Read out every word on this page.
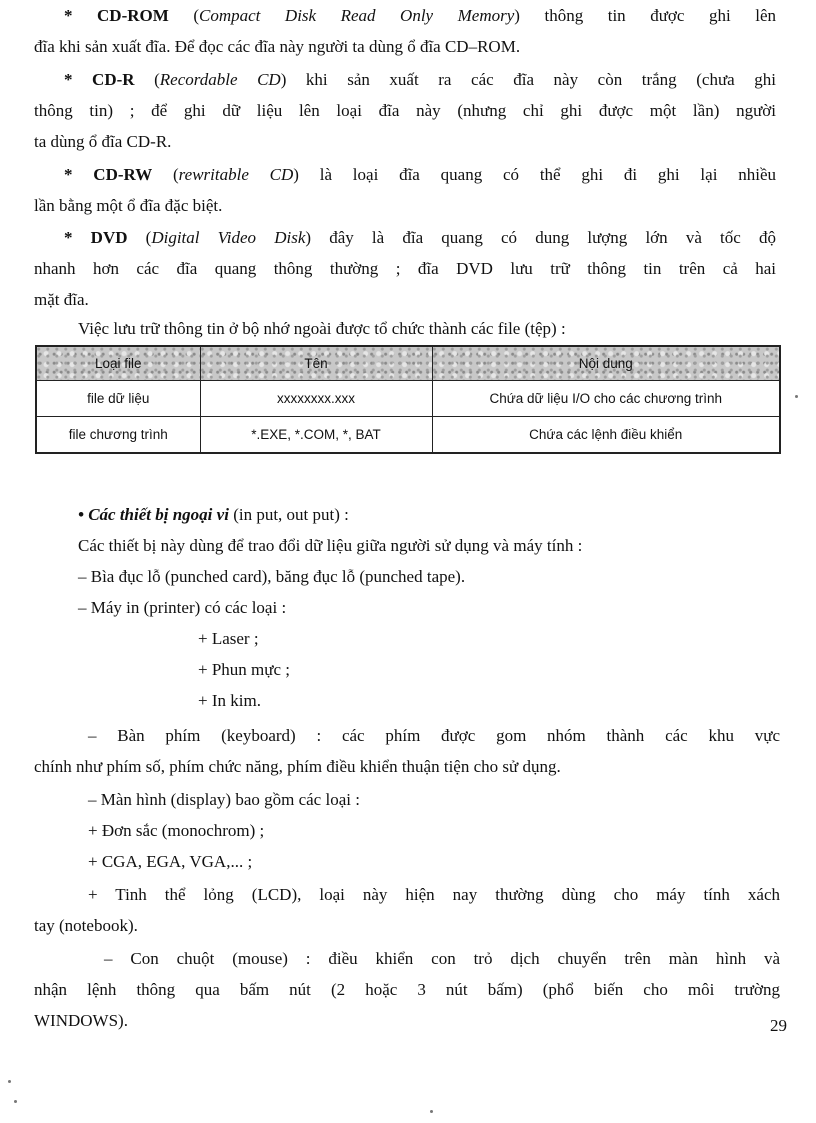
* CD-ROM (Compact Disk Read Only Memory) thông tin được ghi lên

đĩa khi sản xuất đĩa. Để đọc các đĩa này người ta dùng ổ đĩa CD–ROM.

* CD-R (Recordable CD) khi sản xuất ra các đĩa này còn trắng (chưa ghi

thông tin) ; để ghi dữ liệu lên loại đĩa này (nhưng chỉ ghi được một lần) người

ta dùng ổ đĩa CD-R.

* CD-RW (rewritable CD) là loại đĩa quang có thể ghi đi ghi lại nhiều

lần bằng một ổ đĩa đặc biệt.

* DVD (Digital Video Disk) đây là đĩa quang có dung lượng lớn và tốc độ

nhanh hơn các đĩa quang thông thường ; đĩa DVD lưu trữ thông tin trên cả hai

mặt đĩa.

Việc lưu trữ thông tin ở bộ nhớ ngoài được tổ chức thành các file (tệp) :

Loại file	Tên	Nội dung
file dữ liệu	xxxxxxxx.xxx	Chứa dữ liệu I/O cho các chương trình
file chương trình	*.EXE, *.COM, *, BAT	Chứa các lệnh điều khiển

• Các thiết bị ngoại vi (in put, out put) :

Các thiết bị này dùng để trao đổi dữ liệu giữa người sử dụng và máy tính :

– Bìa đục lỗ (punched card), băng đục lỗ (punched tape).

– Máy in (printer) có các loại :

+ Laser ;

+ Phun mực ;

+ In kim.

– Bàn phím (keyboard) : các phím được gom nhóm thành các khu vực

chính như phím số, phím chức năng, phím điều khiển thuận tiện cho sử dụng.

– Màn hình (display) bao gồm các loại :

+ Đơn sắc (monochrom) ;

+ CGA, EGA, VGA,... ;

+ Tinh thể lỏng (LCD), loại này hiện nay thường dùng cho máy tính xách

tay (notebook).

– Con chuột (mouse) : điều khiển con trỏ dịch chuyển trên màn hình và

nhận lệnh thông qua bấm nút (2 hoặc 3 nút bấm) (phổ biến cho môi trường

WINDOWS).	29
